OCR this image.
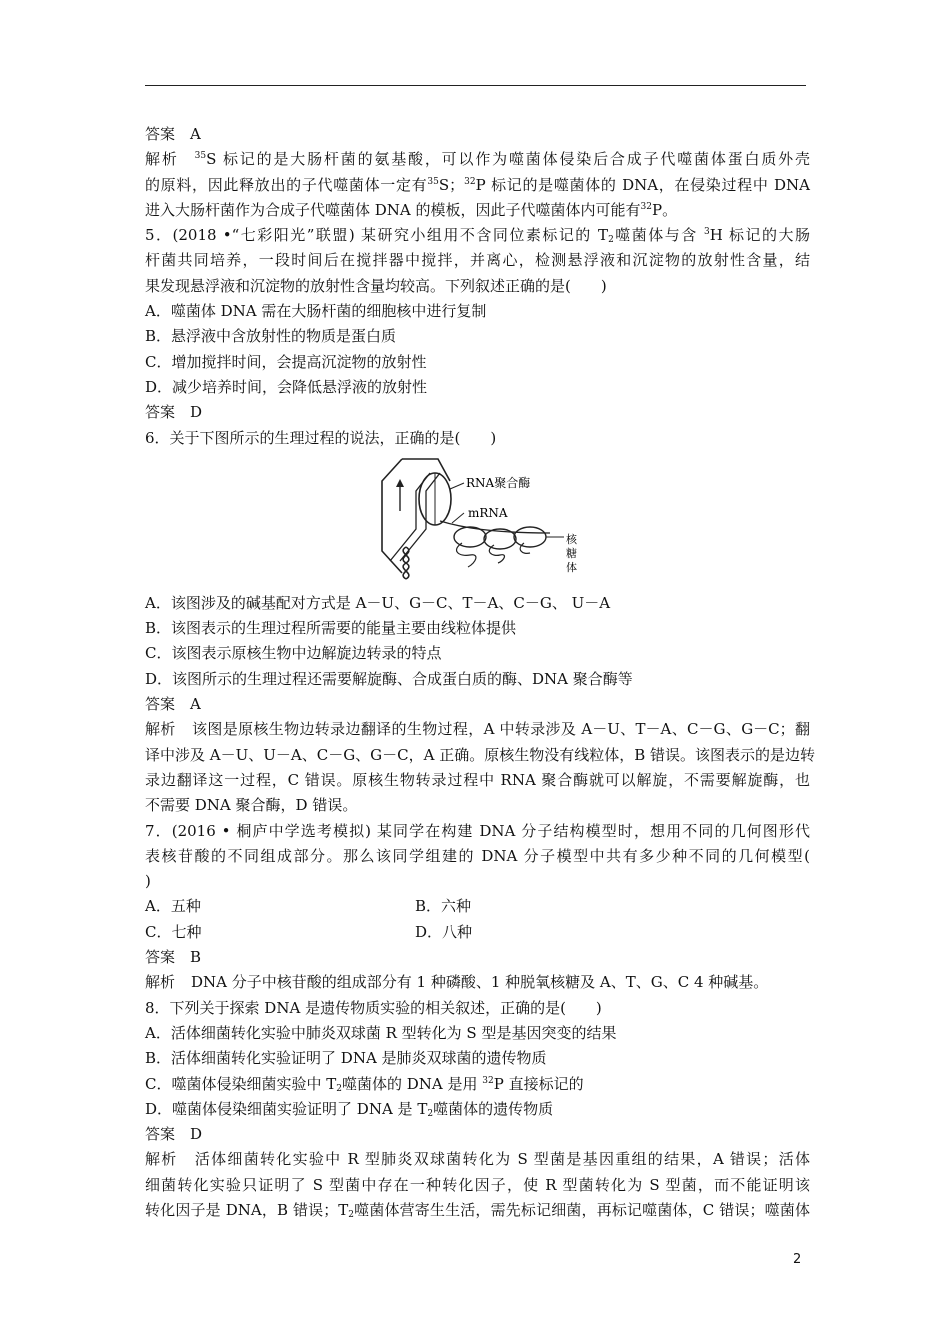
答案　A
解析 $^{35}$S 标记的是大肠杆菌的氨基酸，可以作为噬菌体侵染后合成子代噬菌体蛋白质外壳
的原料，因此释放出的子代噬菌体一定有$^{35}$S；$^{32}$P 标记的是噬菌体的 DNA，在侵染过程中 DNA
进入大肠杆菌作为合成子代噬菌体 DNA 的模板，因此子代噬菌体内可能有$^{32}$P。
5．(2018 •“七彩阳光”联盟) 某研究小组用不含同位素标记的 $T_2$噬菌体与含 $^3$H 标记的大肠
杆菌共同培养，一段时间后在搅拌器中搅拌，并离心，检测悬浮液和沉淀物的放射性含量，结
果发现悬浮液和沉淀物的放射性含量均较高。下列叙述正确的是(　　)
A．噬菌体 DNA 需在大肠杆菌的细胞核中进行复制
B．悬浮液中含放射性的物质是蛋白质
C．增加搅拌时间，会提高沉淀物的放射性
D．减少培养时间，会降低悬浮液的放射性
答案　D
6．关于下图所示的生理过程的说法，正确的是(　　)
RNA聚合酶
mRNA
核
糖
体
A．该图涉及的碱基配对方式是 A－U、G－C、T－A、C－G、 U－A
B．该图表示的生理过程所需要的能量主要由线粒体提供
C．该图表示原核生物中边解旋边转录的特点
D．该图所示的生理过程还需要解旋酶、合成蛋白质的酶、DNA 聚合酶等
答案　A
解析 该图是原核生物边转录边翻译的生物过程，A 中转录涉及 A－U、T－A、C－G、G－C；翻
译中涉及 A－U、U－A、C－G、G－C，A 正确。原核生物没有线粒体，B 错误。该图表示的是边转
录边翻译这一过程，C 错误。原核生物转录过程中 RNA 聚合酶就可以解旋，不需要解旋酶，也
不需要 DNA 聚合酶，D 错误。
7．(2016 • 桐庐中学选考模拟) 某同学在构建 DNA 分子结构模型时，想用不同的几何图形代
表核苷酸的不同组成部分。那么该同学组建的 DNA 分子模型中共有多少种不同的几何模型(
)
A．五种	B．六种
C．七种	D．八种
答案　B
解析 DNA 分子中核苷酸的组成部分有 1 种磷酸、1 种脱氧核糖及 A、T、G、C 4 种碱基。
8．下列关于探索 DNA 是遗传物质实验的相关叙述，正确的是(　　)
A．活体细菌转化实验中肺炎双球菌 R 型转化为 S 型是基因突变的结果
B．活体细菌转化实验证明了 DNA 是肺炎双球菌的遗传物质
C．噬菌体侵染细菌实验中 $T_2$噬菌体的 DNA 是用 $^{32}$P 直接标记的
D．噬菌体侵染细菌实验证明了 DNA 是 $T_2$噬菌体的遗传物质
答案　D
解析 活体细菌转化实验中 R 型肺炎双球菌转化为 S 型菌是基因重组的结果，A 错误；活体
细菌转化实验只证明了 S 型菌中存在一种转化因子，使 R 型菌转化为 S 型菌，而不能证明该
转化因子是 DNA，B 错误；$T_2$噬菌体营寄生生活，需先标记细菌，再标记噬菌体，C 错误；噬菌体
2
